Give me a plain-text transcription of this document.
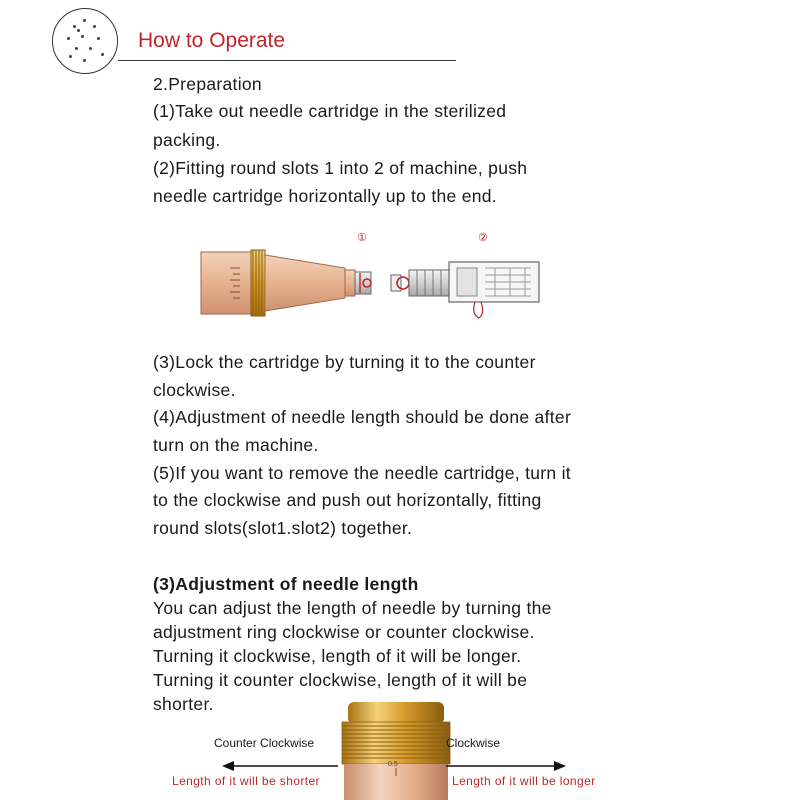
How to Operate
2.Preparation
(1)Take out needle cartridge in the sterilized
packing.
(2)Fitting round slots 1 into 2 of machine, push
needle cartridge horizontally up to the end.
①	②
(3)Lock the cartridge by turning it to the counter
clockwise.
(4)Adjustment of needle length should be done after
turn on the machine.
(5)If you want to remove the needle cartridge, turn it
to the clockwise and push out horizontally, fitting
round slots(slot1.slot2) together.
(3)Adjustment of needle length
You can adjust the length of needle by turning the
adjustment ring clockwise or counter clockwise.
Turning it clockwise, length of it will be longer.
Turning it counter clockwise, length of it will be
shorter.
0.5
Counter Clockwise	Clockwise
Length of it will be shorter	Length of it will be longer
